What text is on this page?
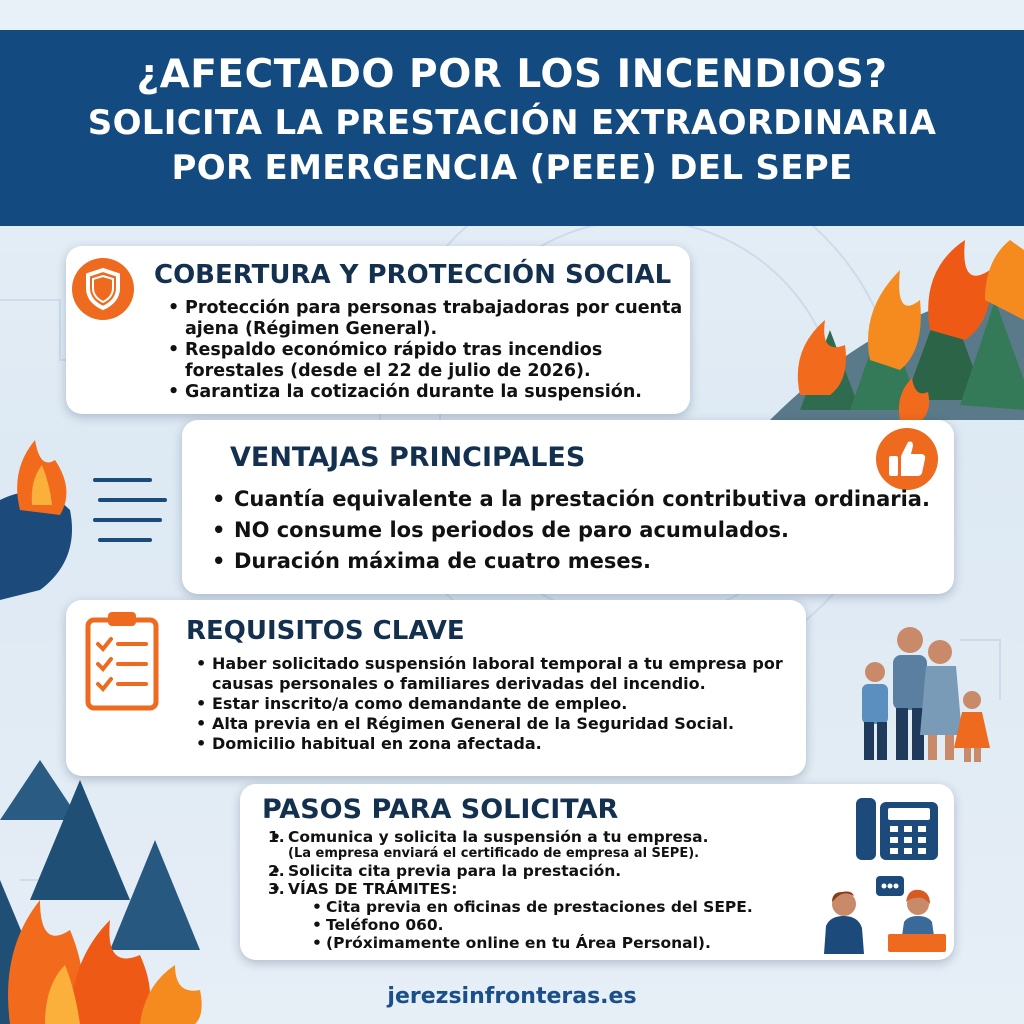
¿AFECTADO POR LOS INCENDIOS?
SOLICITA LA PRESTACIÓN EXTRAORDINARIA
POR EMERGENCIA (PEEE) DEL SEPE
COBERTURA Y PROTECCIÓN SOCIAL
• Protección para personas trabajadoras por cuenta ajena (Régimen General).
• Respaldo económico rápido tras incendios forestales (desde el 22 de julio de 2026).
• Garantiza la cotización durante la suspensión.
VENTAJAS PRINCIPALES
• Cuantía equivalente a la prestación contributiva ordinaria.
• NO consume los periodos de paro acumulados.
• Duración máxima de cuatro meses.
REQUISITOS CLAVE
• Haber solicitado suspensión laboral temporal a tu empresa por causas personales o familiares derivadas del incendio.
• Estar inscrito/a como demandante de empleo.
• Alta previa en el Régimen General de la Seguridad Social.
• Domicilio habitual en zona afectada.
PASOS PARA SOLICITAR
• 1. Comunica y solicita la suspensión a tu empresa.
(La empresa enviará el certificado de empresa al SEPE).
• 2. Solicita cita previa para la prestación.
• 3. VÍAS DE TRÁMITES:
• Cita previa en oficinas de prestaciones del SEPE.
• Teléfono 060.
• (Próximamente online en tu Área Personal).
jerezsinfronteras.es
